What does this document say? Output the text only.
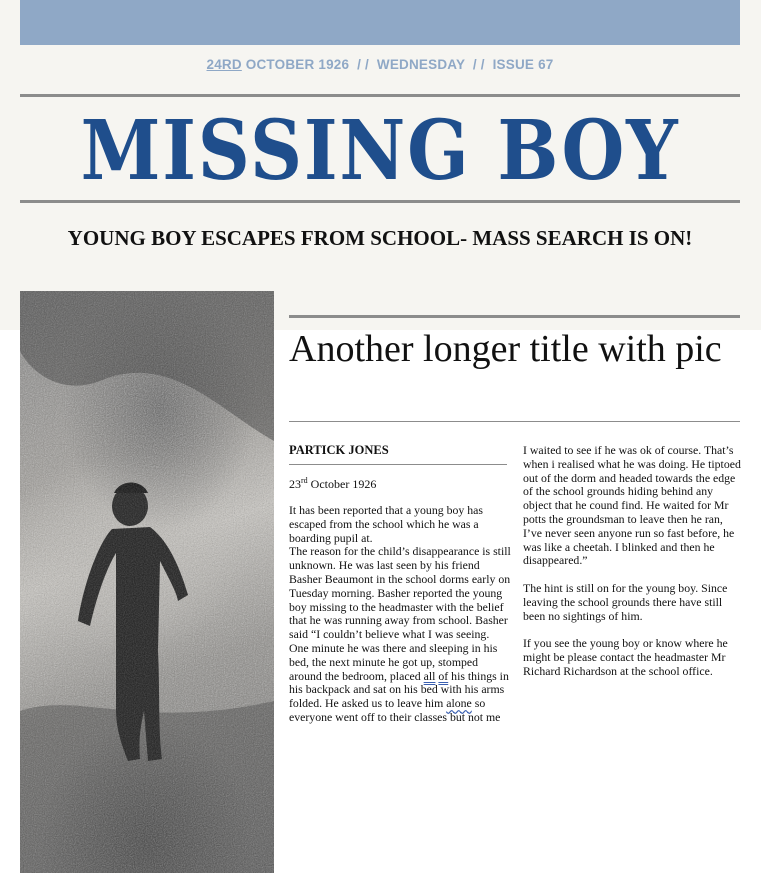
24RD OCTOBER 1926  / /  WEDNESDAY  / /  ISSUE 67
MISSING BOY
YOUNG BOY ESCAPES FROM SCHOOL- MASS SEARCH IS ON!
Another longer title with pic
PARTICK JONES
23rd October 1926

It has been reported that a young boy has escaped from the school which he was a boarding pupil at.

The reason for the child’s disappearance is still unknown. He was last seen by his friend Basher Beaumont in the school dorms early on Tuesday morning. Basher reported the young boy missing to the headmaster with the belief that he was running away from school. Basher said “I couldn’t believe what I was seeing. One minute he was there and sleeping in his bed, the next minute he got up, stomped around the bedroom, placed all of his things in his backpack and sat on his bed with his arms folded. He asked us to leave him alone so everyone went off to their classes but not me

I waited to see if he was ok of course. That’s when i realised what he was doing. He tiptoed out of the dorm and headed towards the edge of the school grounds hiding behind any object that he cound find. He waited for Mr potts the groundsman to leave then he ran, I’ve never seen anyone run so fast before, he was like a cheetah. I blinked and then he disappeared.”

The hint is still on for the young boy. Since leaving the school grounds there have still been no sightings of him.

If you see the young boy or know where he might be please contact the headmaster Mr Richard Richardson at the school office.
